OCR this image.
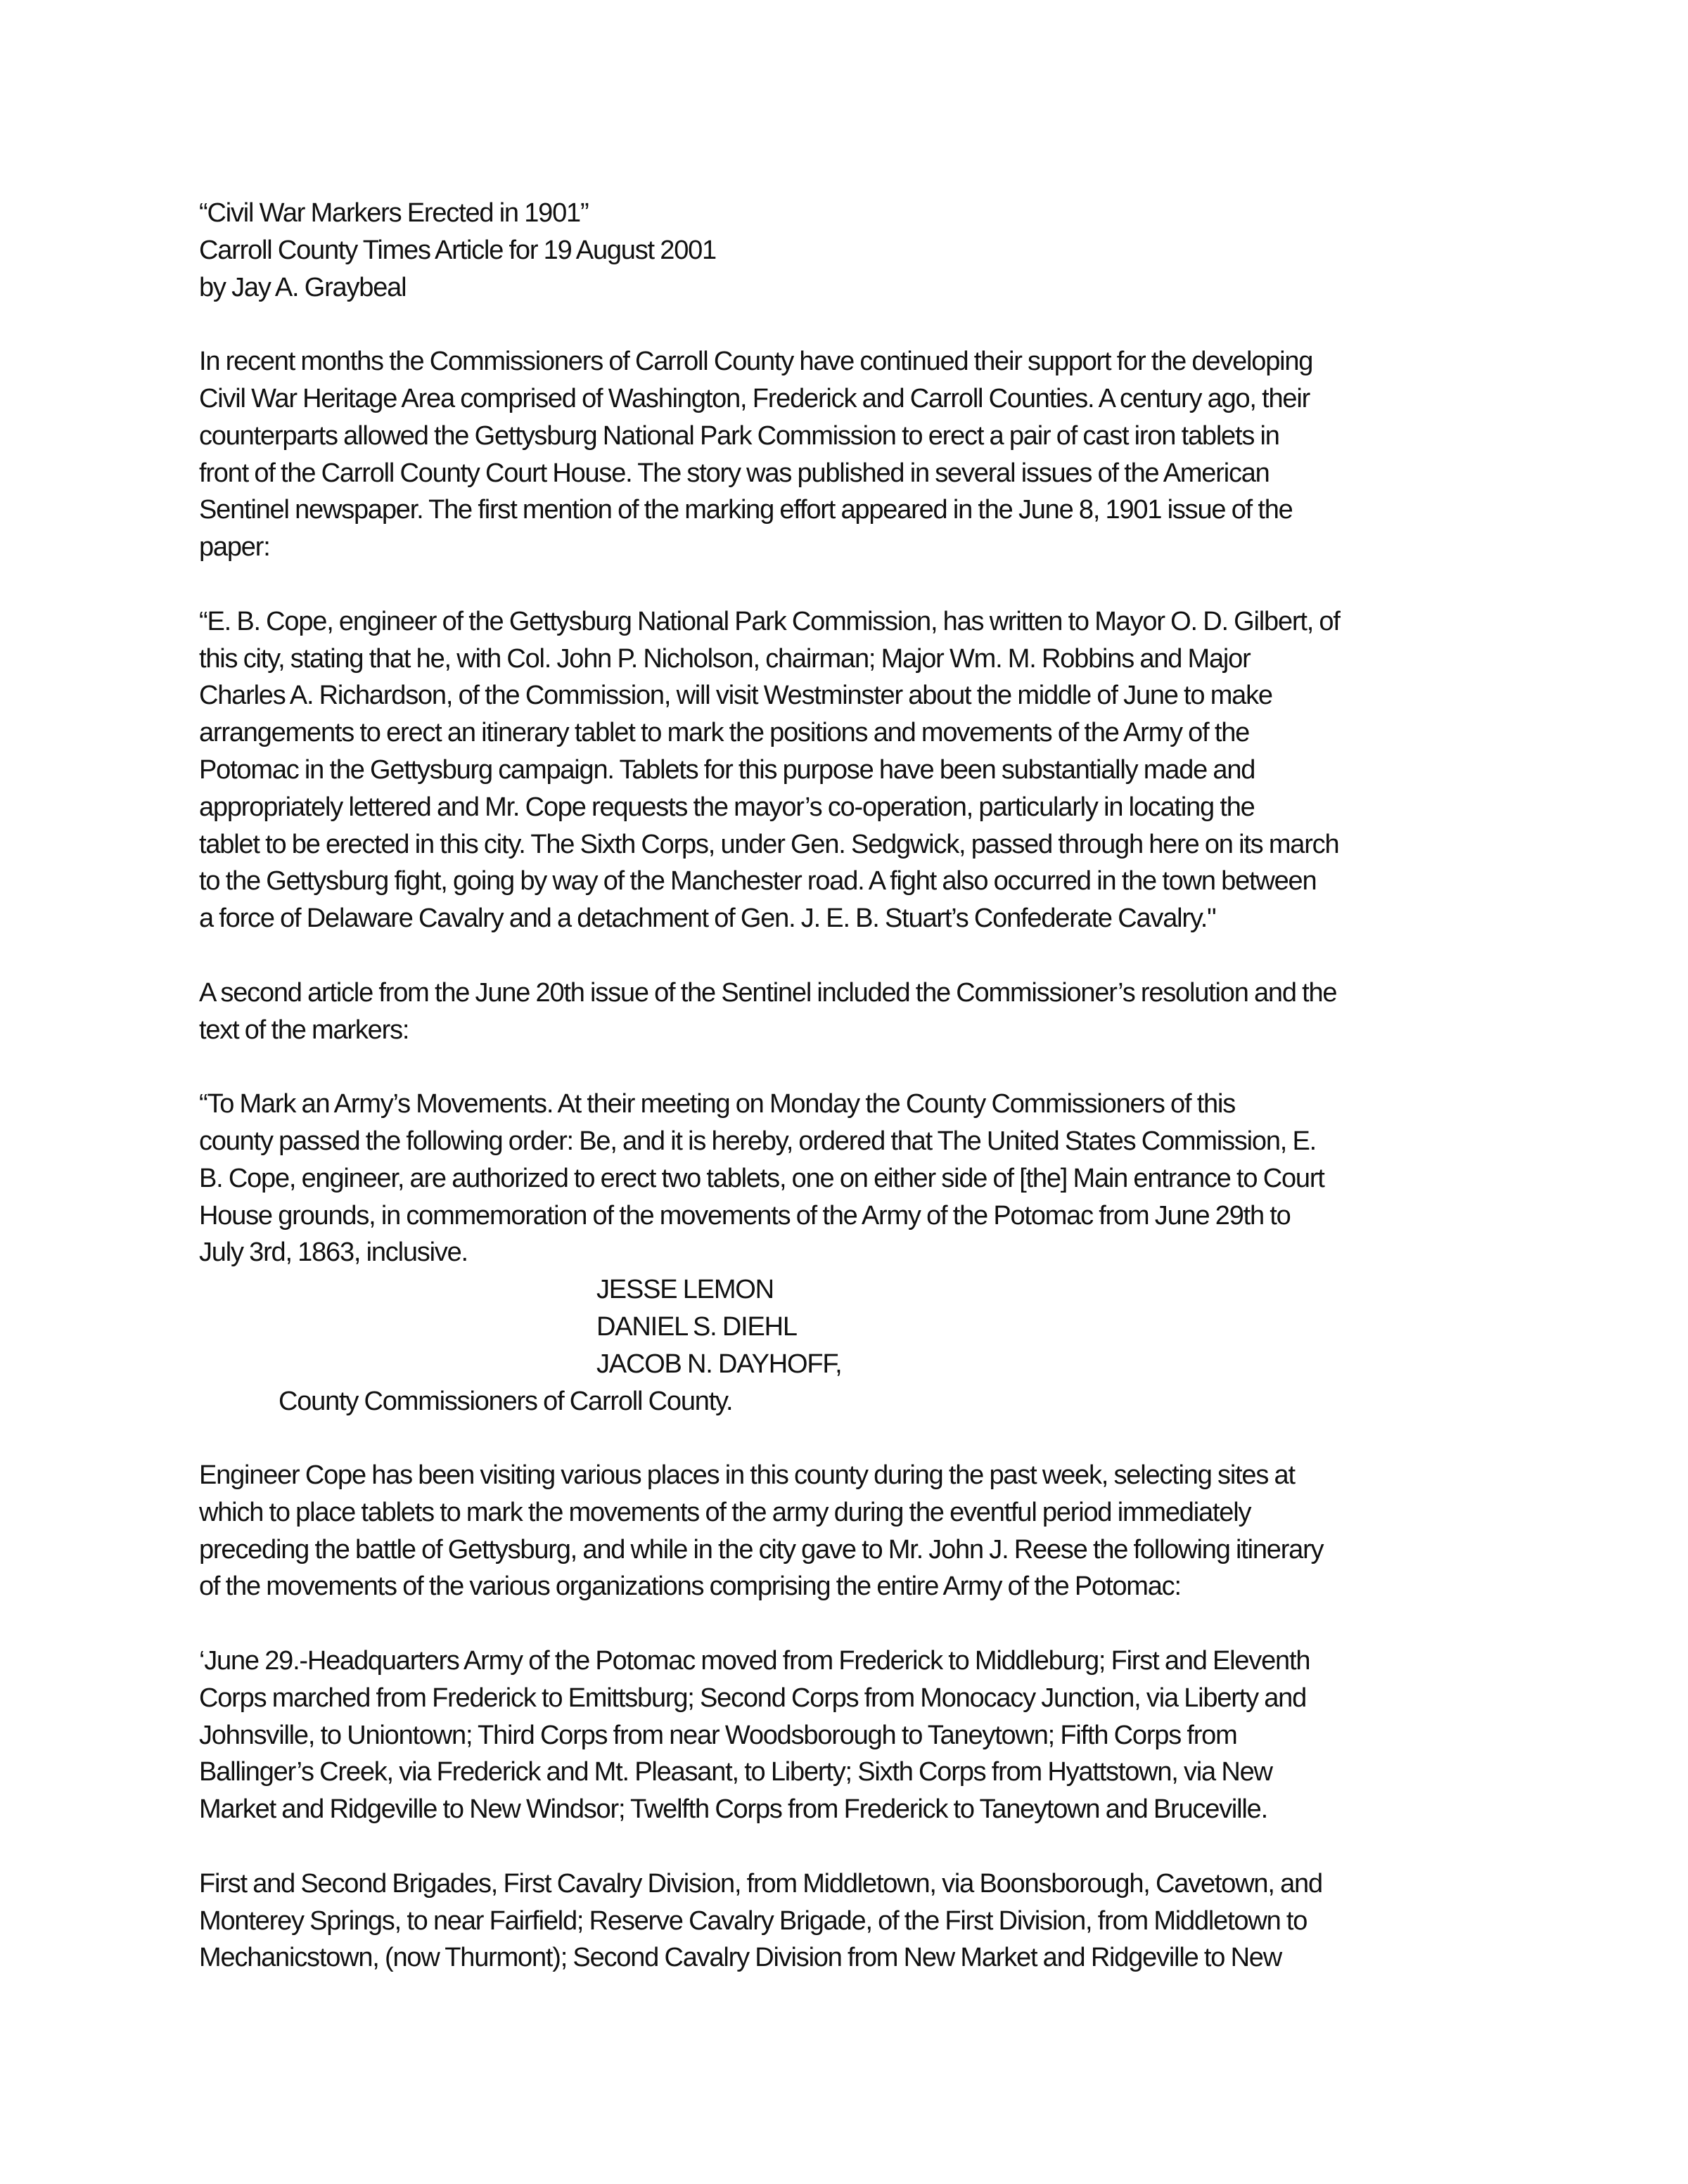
“Civil War Markers Erected in 1901”
Carroll County Times Article for 19 August 2001
by Jay A. Graybeal
In recent months the Commissioners of Carroll County have continued their support for the developing
Civil War Heritage Area comprised of Washington, Frederick and Carroll Counties. A century ago, their
counterparts allowed the Gettysburg National Park Commission to erect a pair of cast iron tablets in
front of the Carroll County Court House. The story was published in several issues of the American
Sentinel newspaper. The first mention of the marking effort appeared in the June 8, 1901 issue of the
paper:
“E. B. Cope, engineer of the Gettysburg National Park Commission, has written to Mayor O. D. Gilbert, of
this city, stating that he, with Col. John P. Nicholson, chairman; Major Wm. M. Robbins and Major
Charles A. Richardson, of the Commission, will visit Westminster about the middle of June to make
arrangements to erect an itinerary tablet to mark the positions and movements of the Army of the
Potomac in the Gettysburg campaign. Tablets for this purpose have been substantially made and
appropriately lettered and Mr. Cope requests the mayor’s co-operation, particularly in locating the
tablet to be erected in this city. The Sixth Corps, under Gen. Sedgwick, passed through here on its march
to the Gettysburg fight, going by way of the Manchester road. A fight also occurred in the town between
a force of Delaware Cavalry and a detachment of Gen. J. E. B. Stuart’s Confederate Cavalry."
A second article from the June 20th issue of the Sentinel included the Commissioner’s resolution and the
text of the markers:
“To Mark an Army’s Movements. At their meeting on Monday the County Commissioners of this
county passed the following order: Be, and it is hereby, ordered that The United States Commission, E.
B. Cope, engineer, are authorized to erect two tablets, one on either side of [the] Main entrance to Court
House grounds, in commemoration of the movements of the Army of the Potomac from June 29th to
July 3rd, 1863, inclusive.
JESSE LEMON
DANIEL S. DIEHL
JACOB N. DAYHOFF,
County Commissioners of Carroll County.
Engineer Cope has been visiting various places in this county during the past week, selecting sites at
which to place tablets to mark the movements of the army during the eventful period immediately
preceding the battle of Gettysburg, and while in the city gave to Mr. John J. Reese the following itinerary
of the movements of the various organizations comprising the entire Army of the Potomac:
‘June 29.-Headquarters Army of the Potomac moved from Frederick to Middleburg; First and Eleventh
Corps marched from Frederick to Emittsburg; Second Corps from Monocacy Junction, via Liberty and
Johnsville, to Uniontown; Third Corps from near Woodsborough to Taneytown; Fifth Corps from
Ballinger’s Creek, via Frederick and Mt. Pleasant, to Liberty; Sixth Corps from Hyattstown, via New
Market and Ridgeville to New Windsor; Twelfth Corps from Frederick to Taneytown and Bruceville.
First and Second Brigades, First Cavalry Division, from Middletown, via Boonsborough, Cavetown, and
Monterey Springs, to near Fairfield; Reserve Cavalry Brigade, of the First Division, from Middletown to
Mechanicstown, (now Thurmont); Second Cavalry Division from New Market and Ridgeville to New
